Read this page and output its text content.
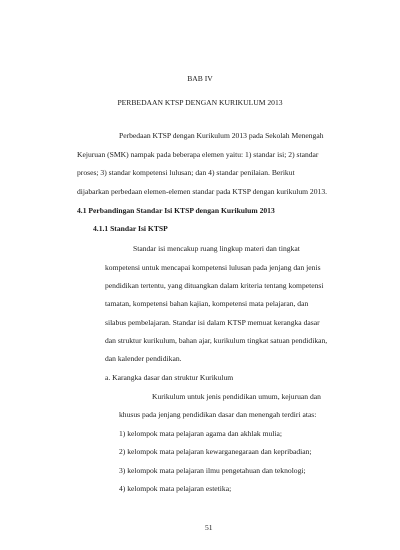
BAB IV
PERBEDAAN KTSP DENGAN KURIKULUM 2013
Perbedaan KTSP dengan Kurikulum 2013 pada Sekolah Menengah
Kejuruan (SMK) nampak pada beberapa elemen yaitu: 1) standar isi; 2) standar
proses; 3) standar kompetensi lulusan; dan 4) standar penilaian. Berikut
dijabarkan perbedaan elemen-elemen standar pada KTSP dengan kurikulum 2013.
4.1 Perbandingan Standar Isi KTSP dengan Kurikulum 2013
4.1.1 Standar Isi KTSP
Standar isi mencakup ruang lingkup materi dan tingkat
kompetensi untuk mencapai kompetensi lulusan pada jenjang dan jenis
pendidikan tertentu, yang dituangkan dalam kriteria tentang kompetensi
tamatan, kompetensi bahan kajian, kompetensi mata pelajaran, dan
silabus pembelajaran. Standar isi dalam KTSP memuat kerangka dasar
dan struktur kurikulum, bahan ajar, kurikulum tingkat satuan pendidikan,
dan kalender pendidikan.
a. Karangka dasar dan struktur Kurikulum
Kurikulum untuk jenis pendidikan umum, kejuruan dan
khusus pada jenjang pendidikan dasar dan menengah terdiri atas:
1) kelompok mata pelajaran agama dan akhlak mulia;
2) kelompok mata pelajaran kewarganegaraan dan kepribadian;
3) kelompok mata pelajaran ilmu pengetahuan dan teknologi;
4) kelompok mata pelajaran estetika;
51
